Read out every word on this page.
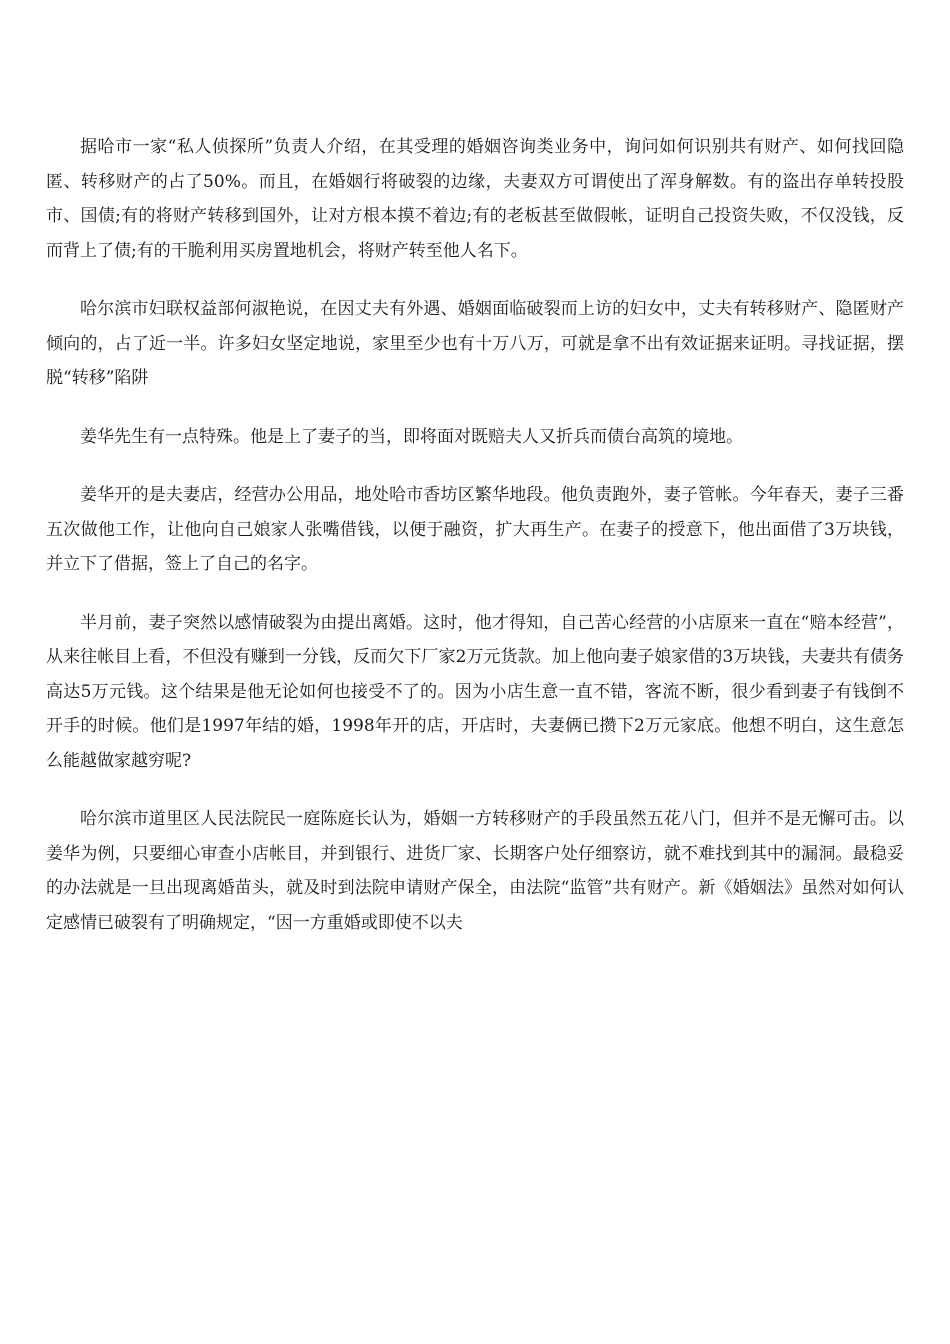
据哈市一家“私人侦探所”负责人介绍，在其受理的婚姻咨询类业务中，询问如何识别共有财产、如何找回隐匿、转移财产的占了50%。而且，在婚姻行将破裂的边缘，夫妻双方可谓使出了浑身解数。有的盗出存单转投股市、国债;有的将财产转移到国外，让对方根本摸不着边;有的老板甚至做假帐，证明自己投资失败，不仅没钱，反而背上了债;有的干脆利用买房置地机会，将财产转至他人名下。

哈尔滨市妇联权益部何淑艳说，在因丈夫有外遇、婚姻面临破裂而上访的妇女中，丈夫有转移财产、隐匿财产倾向的，占了近一半。许多妇女坚定地说，家里至少也有十万八万，可就是拿不出有效证据来证明。寻找证据，摆脱“转移”陷阱

姜华先生有一点特殊。他是上了妻子的当，即将面对既赔夫人又折兵而债台高筑的境地。

姜华开的是夫妻店，经营办公用品，地处哈市香坊区繁华地段。他负责跑外，妻子管帐。今年春天，妻子三番五次做他工作，让他向自己娘家人张嘴借钱，以便于融资，扩大再生产。在妻子的授意下，他出面借了3万块钱，并立下了借据，签上了自己的名字。

半月前，妻子突然以感情破裂为由提出离婚。这时，他才得知，自己苦心经营的小店原来一直在“赔本经营”，从来往帐目上看，不但没有赚到一分钱，反而欠下厂家2万元货款。加上他向妻子娘家借的3万块钱，夫妻共有债务高达5万元钱。这个结果是他无论如何也接受不了的。因为小店生意一直不错，客流不断，很少看到妻子有钱倒不开手的时候。他们是1997年结的婚，1998年开的店，开店时，夫妻俩已攒下2万元家底。他想不明白，这生意怎么能越做家越穷呢?

哈尔滨市道里区人民法院民一庭陈庭长认为，婚姻一方转移财产的手段虽然五花八门，但并不是无懈可击。以姜华为例，只要细心审查小店帐目，并到银行、进货厂家、长期客户处仔细察访，就不难找到其中的漏洞。最稳妥的办法就是一旦出现离婚苗头，就及时到法院申请财产保全，由法院“监管”共有财产。新《婚姻法》虽然对如何认定感情已破裂有了明确规定，“因一方重婚或即使不以夫
